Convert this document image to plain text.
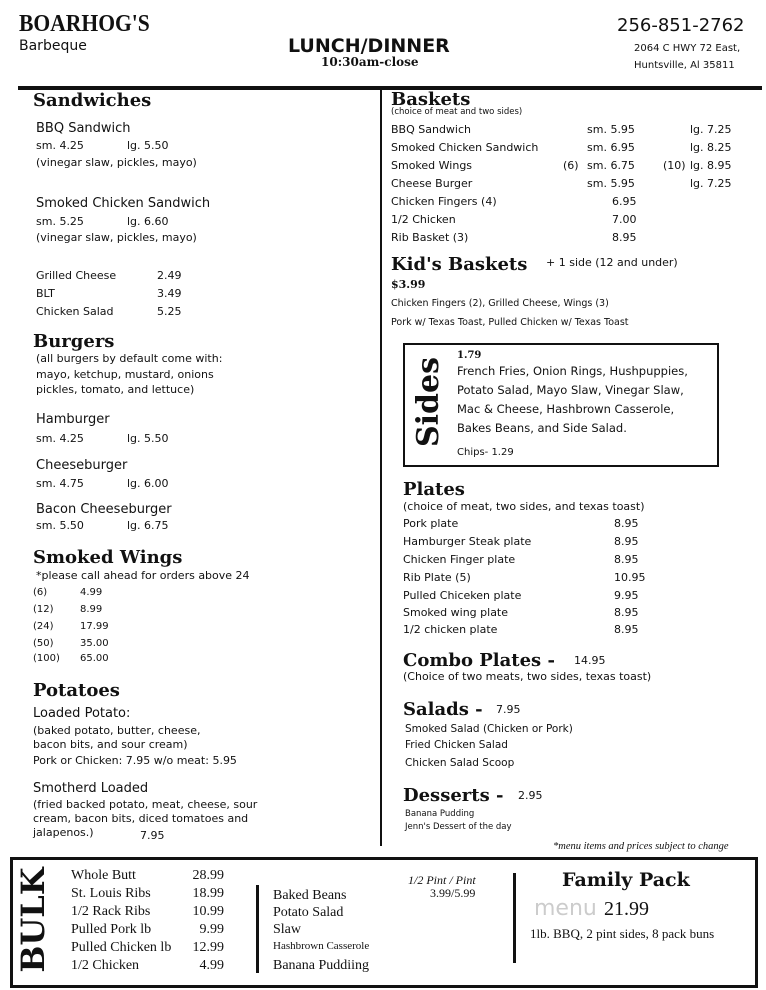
Sides
BULK
BOARHOG'S
Barbeque	LUNCH/DINNER
10:30am-close
256-851-2762
2064 C HWY 72 East,
Huntsville, Al 35811
Sandwiches
BBQ Sandwich
sm. 4.25	lg. 5.50
(vinegar slaw, pickles, mayo)
Smoked Chicken Sandwich
sm. 5.25	lg. 6.60
(vinegar slaw, pickles, mayo)
Grilled Cheese	2.49
BLT	3.49
Chicken Salad	5.25
Burgers
(all burgers by default come with:
mayo, ketchup, mustard, onions
pickles, tomato, and lettuce)
Hamburger
sm. 4.25	lg. 5.50
Cheeseburger
sm. 4.75	lg. 6.00
Bacon Cheeseburger
sm. 5.50	lg. 6.75
Smoked Wings
*please call ahead for orders above 24
(6)	4.99
(12)	8.99
(24)	17.99
(50)	35.00
(100) 65.00
Potatoes
Loaded Potato:
(baked potato, butter, cheese,
bacon bits, and sour cream)
Pork or Chicken: 7.95 w/o meat: 5.95
Smotherd Loaded
(fried backed potato, meat, cheese, sour
cream, bacon bits, diced tomatoes and
jalapenos.)	7.95
Baskets
(choice of meat and two sides)
BBQ Sandwich	sm. 5.95	lg. 7.25
Smoked Chicken Sandwich	sm. 6.95	lg. 8.25
Smoked Wings	(6) sm. 6.75	(10) lg. 8.95
Cheese Burger	sm. 5.95	lg. 7.25
Chicken Fingers (4)	6.95
1/2 Chicken	7.00
Rib Basket (3)	8.95
Kid's Baskets + 1 side (12 and under)
$3.99
Chicken Fingers (2), Grilled Cheese, Wings (3)
Pork w/ Texas Toast, Pulled Chicken w/ Texas Toast
1.79
French Fries, Onion Rings, Hushpuppies,
Potato Salad, Mayo Slaw, Vinegar Slaw,
Mac & Cheese, Hashbrown Casserole,
Bakes Beans, and Side Salad.
Chips- 1.29
Plates
(choice of meat, two sides, and texas toast)
Pork plate	8.95
Hamburger Steak plate	8.95
Chicken Finger plate	8.95
Rib Plate (5)	10.95
Pulled Chiceken plate	9.95
Smoked wing plate	8.95
1/2 chicken plate	8.95
Combo Plates - 14.95
(Choice of two meats, two sides, texas toast)
Salads - 7.95
Smoked Salad (Chicken or Pork)
Fried Chicken Salad
Chicken Salad Scoop
Desserts - 2.95
Banana Pudding
Jenn's Dessert of the day
*menu items and prices subject to change
Whole Butt	28.99
St. Louis Ribs	18.99
1/2 Rack Ribs	10.99
Pulled Pork lb	9.99
Pulled Chicken lb 12.99
1/2 Chicken	4.99
1/2 Pint / Pint
3.99/5.99
Baked Beans
Potato Salad
Slaw
Hashbrown Casserole
Banana Puddiing
Family Pack
menu 21.99
1lb. BBQ, 2 pint sides, 8 pack buns
